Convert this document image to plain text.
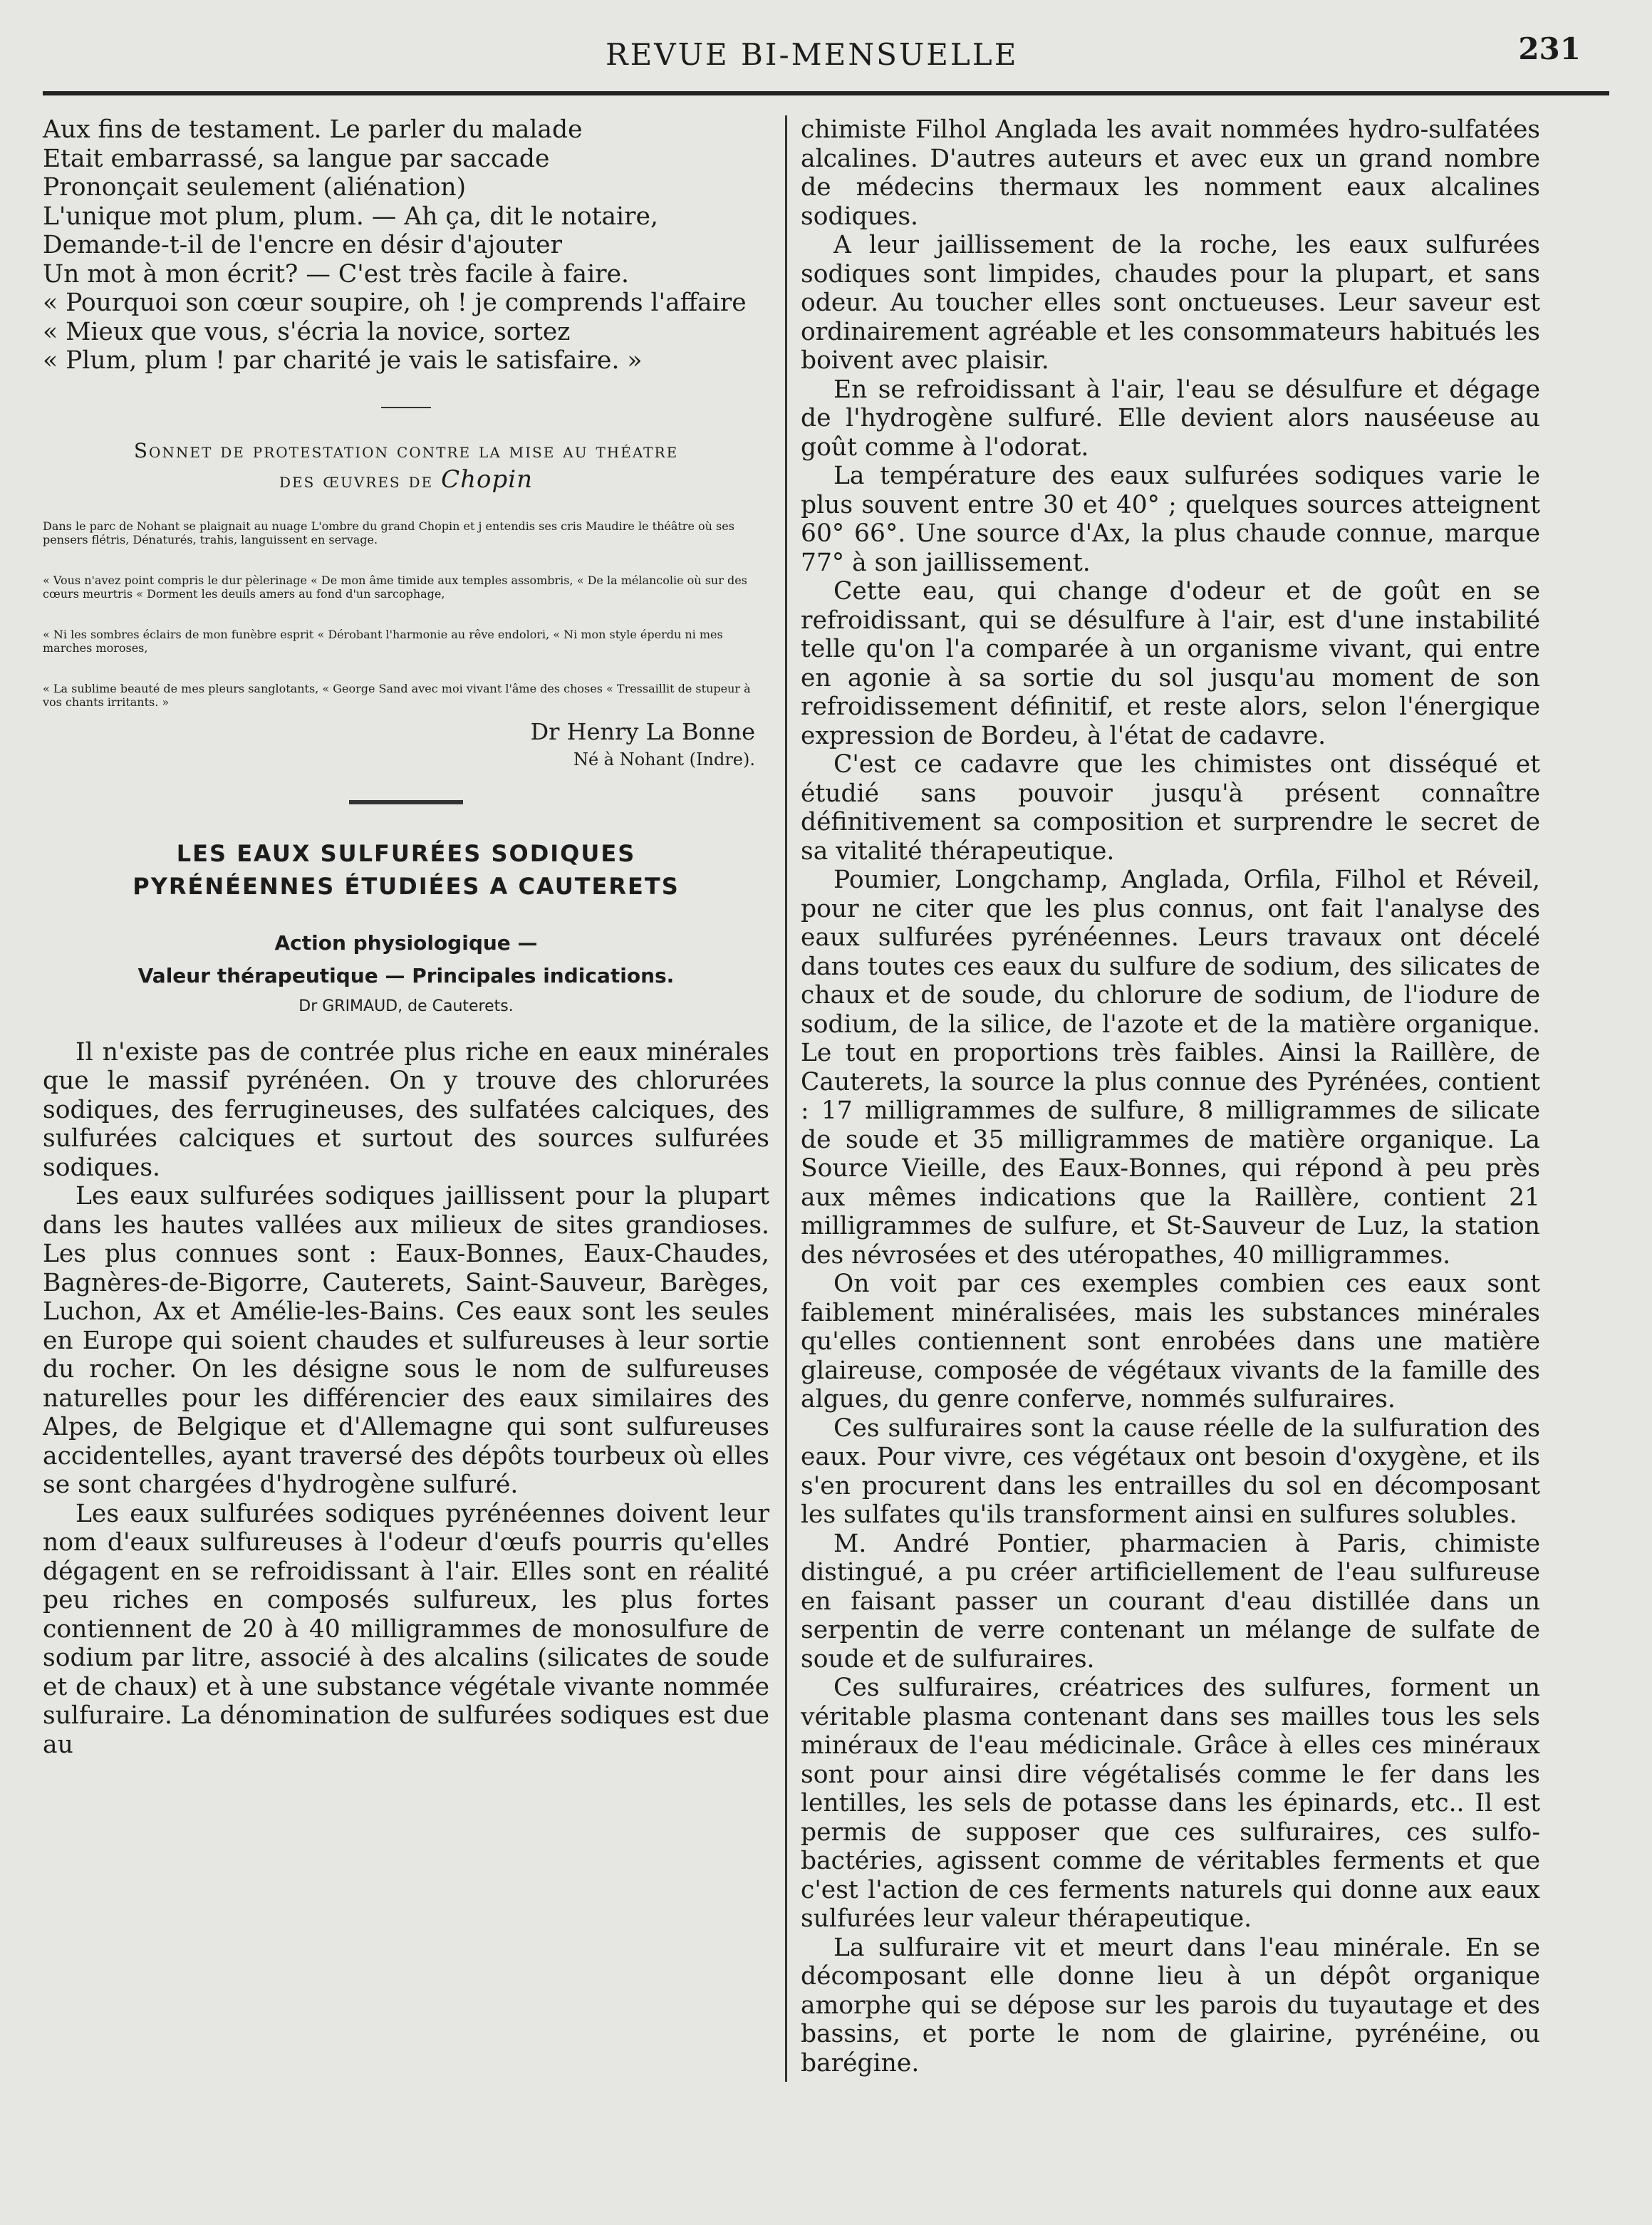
REVUE BI-MENSUELLE	231
Aux fins de testament. Le parler du malade
Etait embarrassé, sa langue par saccade
Prononçait seulement (aliénation)
L'unique mot plum, plum. — Ah ça, dit le notaire,
Demande-t-il de l'encre en désir d'ajouter
Un mot à mon écrit? — C'est très facile à faire.
« Pourquoi son cœur soupire, oh ! je comprends l'affaire
« Mieux que vous, s'écria la novice, sortez
« Plum, plum ! par charité je vais le satisfaire. »
Sonnet de protestation contre la mise au théatre
des œuvres de Chopin
Dans le parc de Nohant se plaignait au nuage L'ombre du grand Chopin et j entendis ses cris Maudire le théâtre où ses pensers flétris, Dénaturés, trahis, languissent en servage.
« Vous n'avez point compris le dur pèlerinage « De mon âme timide aux temples assombris, « De la mélancolie où sur des cœurs meurtris « Dorment les deuils amers au fond d'un sarcophage,
« Ni les sombres éclairs de mon funèbre esprit « Dérobant l'harmonie au rêve endolori, « Ni mon style éperdu ni mes marches moroses,
« La sublime beauté de mes pleurs sanglotants, « George Sand avec moi vivant l'âme des choses « Tressaillit de stupeur à vos chants irritants. »
Dr Henry La Bonne
Né à Nohant (Indre).
LES EAUX SULFURÉES SODIQUES
PYRÉNÉENNES ÉTUDIÉES A CAUTERETS
Action physiologique —
Valeur thérapeutique — Principales indications.
Dr GRIMAUD, de Cauterets.

Il n'existe pas de contrée plus riche en eaux minérales que le massif pyrénéen. On y trouve des chlorurées sodiques, des ferrugineuses, des sulfatées calciques, des sulfurées calciques et surtout des sources sulfurées sodiques.

Les eaux sulfurées sodiques jaillissent pour la plupart dans les hautes vallées aux milieux de sites grandioses. Les plus connues sont : Eaux-Bonnes, Eaux-Chaudes, Bagnères-de-Bigorre, Cauterets, Saint-Sauveur, Barèges, Luchon, Ax et Amélie-les-Bains. Ces eaux sont les seules en Europe qui soient chaudes et sulfureuses à leur sortie du rocher. On les désigne sous le nom de sulfureuses naturelles pour les différencier des eaux similaires des Alpes, de Belgique et d'Allemagne qui sont sulfureuses accidentelles, ayant traversé des dépôts tourbeux où elles se sont chargées d'hydrogène sulfuré.

Les eaux sulfurées sodiques pyrénéennes doivent leur nom d'eaux sulfureuses à l'odeur d'œufs pourris qu'elles dégagent en se refroidissant à l'air. Elles sont en réalité peu riches en composés sulfureux, les plus fortes contiennent de 20 à 40 milligrammes de monosulfure de sodium par litre, associé à des alcalins (silicates de soude et de chaux) et à une substance végétale vivante nommée sulfuraire. La dénomination de sulfurées sodiques est due au

chimiste Filhol Anglada les avait nommées hydro-sulfatées alcalines. D'autres auteurs et avec eux un grand nombre de médecins thermaux les nomment eaux alcalines sodiques.

A leur jaillissement de la roche, les eaux sulfurées sodiques sont limpides, chaudes pour la plupart, et sans odeur. Au toucher elles sont onctueuses. Leur saveur est ordinairement agréable et les consommateurs habitués les boivent avec plaisir.

En se refroidissant à l'air, l'eau se désulfure et dégage de l'hydrogène sulfuré. Elle devient alors nauséeuse au goût comme à l'odorat.

La température des eaux sulfurées sodiques varie le plus souvent entre 30 et 40° ; quelques sources atteignent 60° 66°. Une source d'Ax, la plus chaude connue, marque 77° à son jaillissement.

Cette eau, qui change d'odeur et de goût en se refroidissant, qui se désulfure à l'air, est d'une instabilité telle qu'on l'a comparée à un organisme vivant, qui entre en agonie à sa sortie du sol jusqu'au moment de son refroidissement définitif, et reste alors, selon l'énergique expression de Bordeu, à l'état de cadavre.

C'est ce cadavre que les chimistes ont disséqué et étudié sans pouvoir jusqu'à présent connaître définitivement sa composition et surprendre le secret de sa vitalité thérapeutique.

Poumier, Longchamp, Anglada, Orfila, Filhol et Réveil, pour ne citer que les plus connus, ont fait l'analyse des eaux sulfurées pyrénéennes. Leurs travaux ont décelé dans toutes ces eaux du sulfure de sodium, des silicates de chaux et de soude, du chlorure de sodium, de l'iodure de sodium, de la silice, de l'azote et de la matière organique. Le tout en proportions très faibles. Ainsi la Raillère, de Cauterets, la source la plus connue des Pyrénées, contient : 17 milligrammes de sulfure, 8 milligrammes de silicate de soude et 35 milligrammes de matière organique. La Source Vieille, des Eaux-Bonnes, qui répond à peu près aux mêmes indications que la Raillère, contient 21 milligrammes de sulfure, et St-Sauveur de Luz, la station des névrosées et des utéropathes, 40 milligrammes.

On voit par ces exemples combien ces eaux sont faiblement minéralisées, mais les substances minérales qu'elles contiennent sont enrobées dans une matière glaireuse, composée de végétaux vivants de la famille des algues, du genre conferve, nommés sulfuraires.

Ces sulfuraires sont la cause réelle de la sulfuration des eaux. Pour vivre, ces végétaux ont besoin d'oxygène, et ils s'en procurent dans les entrailles du sol en décomposant les sulfates qu'ils transforment ainsi en sulfures solubles.

M. André Pontier, pharmacien à Paris, chimiste distingué, a pu créer artificiellement de l'eau sulfureuse en faisant passer un courant d'eau distillée dans un serpentin de verre contenant un mélange de sulfate de soude et de sulfuraires.

Ces sulfuraires, créatrices des sulfures, forment un véritable plasma contenant dans ses mailles tous les sels minéraux de l'eau médicinale. Grâce à elles ces minéraux sont pour ainsi dire végétalisés comme le fer dans les lentilles, les sels de potasse dans les épinards, etc.. Il est permis de supposer que ces sulfuraires, ces sulfo-bactéries, agissent comme de véritables ferments et que c'est l'action de ces ferments naturels qui donne aux eaux sulfurées leur valeur thérapeutique.

La sulfuraire vit et meurt dans l'eau minérale. En se décomposant elle donne lieu à un dépôt organique amorphe qui se dépose sur les parois du tuyautage et des bassins, et porte le nom de glairine, pyrénéine, ou barégine.
